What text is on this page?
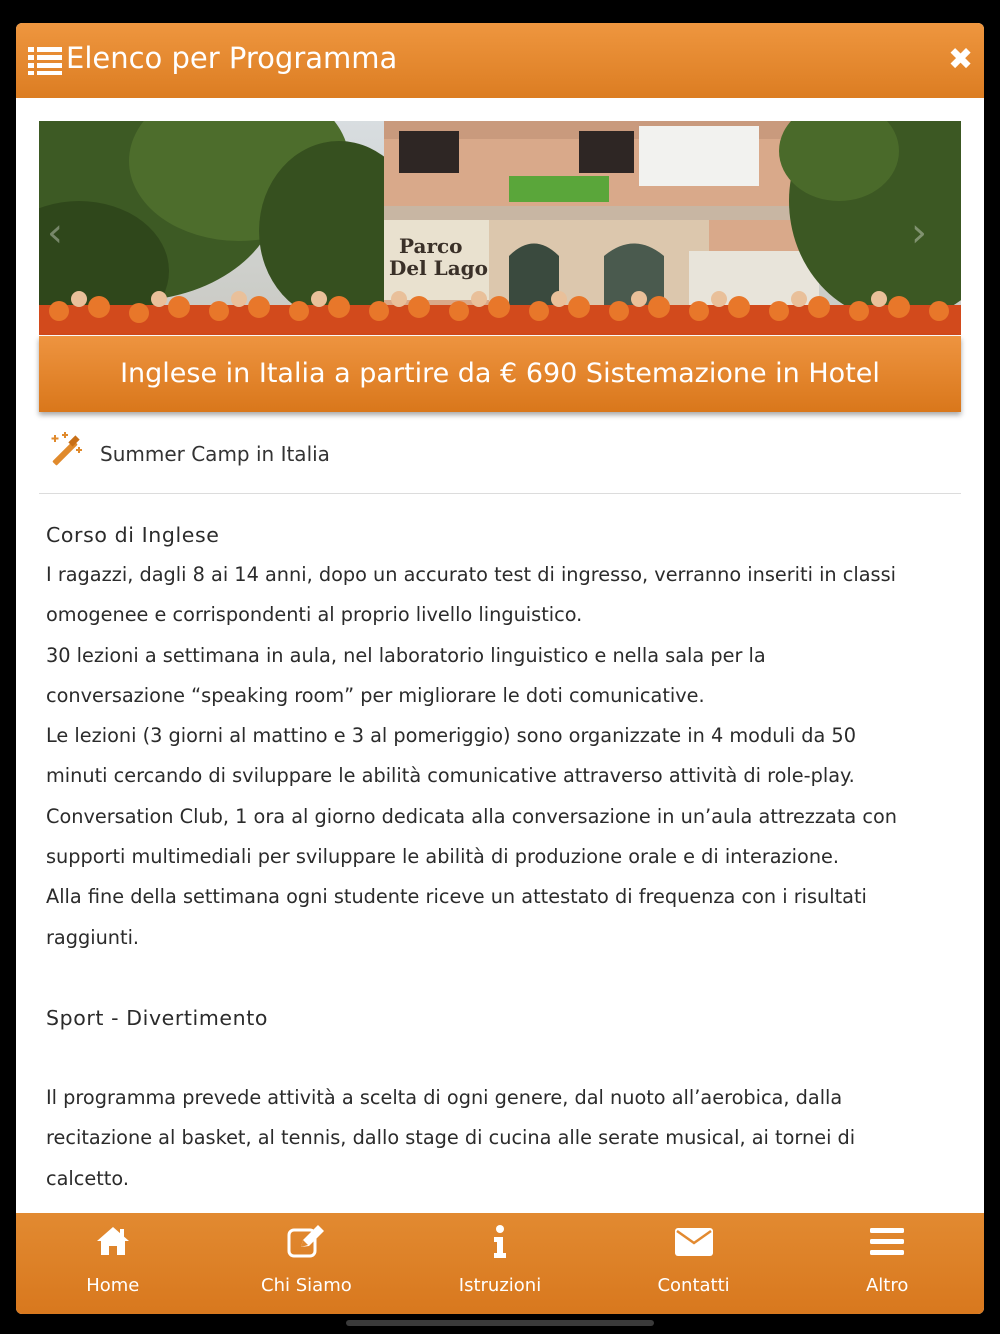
Elenco per Programma	✖
Parco
Del Lago
‹	›
Inglese in Italia a partire da € 690 Sistemazione in Hotel
Summer Camp in Italia
Corso di Inglese

I ragazzi, dagli 8 ai 14 anni, dopo un accurato test di ingresso, verranno inseriti in classi

omogenee e corrispondenti al proprio livello linguistico.

30 lezioni a settimana in aula, nel laboratorio linguistico e nella sala per la

conversazione “speaking room” per migliorare le doti comunicative.

Le lezioni (3 giorni al mattino e 3 al pomeriggio) sono organizzate in 4 moduli da 50

minuti cercando di sviluppare le abilità comunicative attraverso attività di role-play.

Conversation Club, 1 ora al giorno dedicata alla conversazione in un’aula attrezzata con

supporti multimediali per sviluppare le abilità di produzione orale e di interazione.

Alla fine della settimana ogni studente riceve un attestato di frequenza con i risultati

raggiunti.

Sport - Divertimento

Il programma prevede attività a scelta di ogni genere, dal nuoto all’aerobica, dalla

recitazione al basket, al tennis, dallo stage di cucina alle serate musical, ai tornei di

calcetto.

Home	Chi Siamo	Istruzioni	Contatti	Altro
